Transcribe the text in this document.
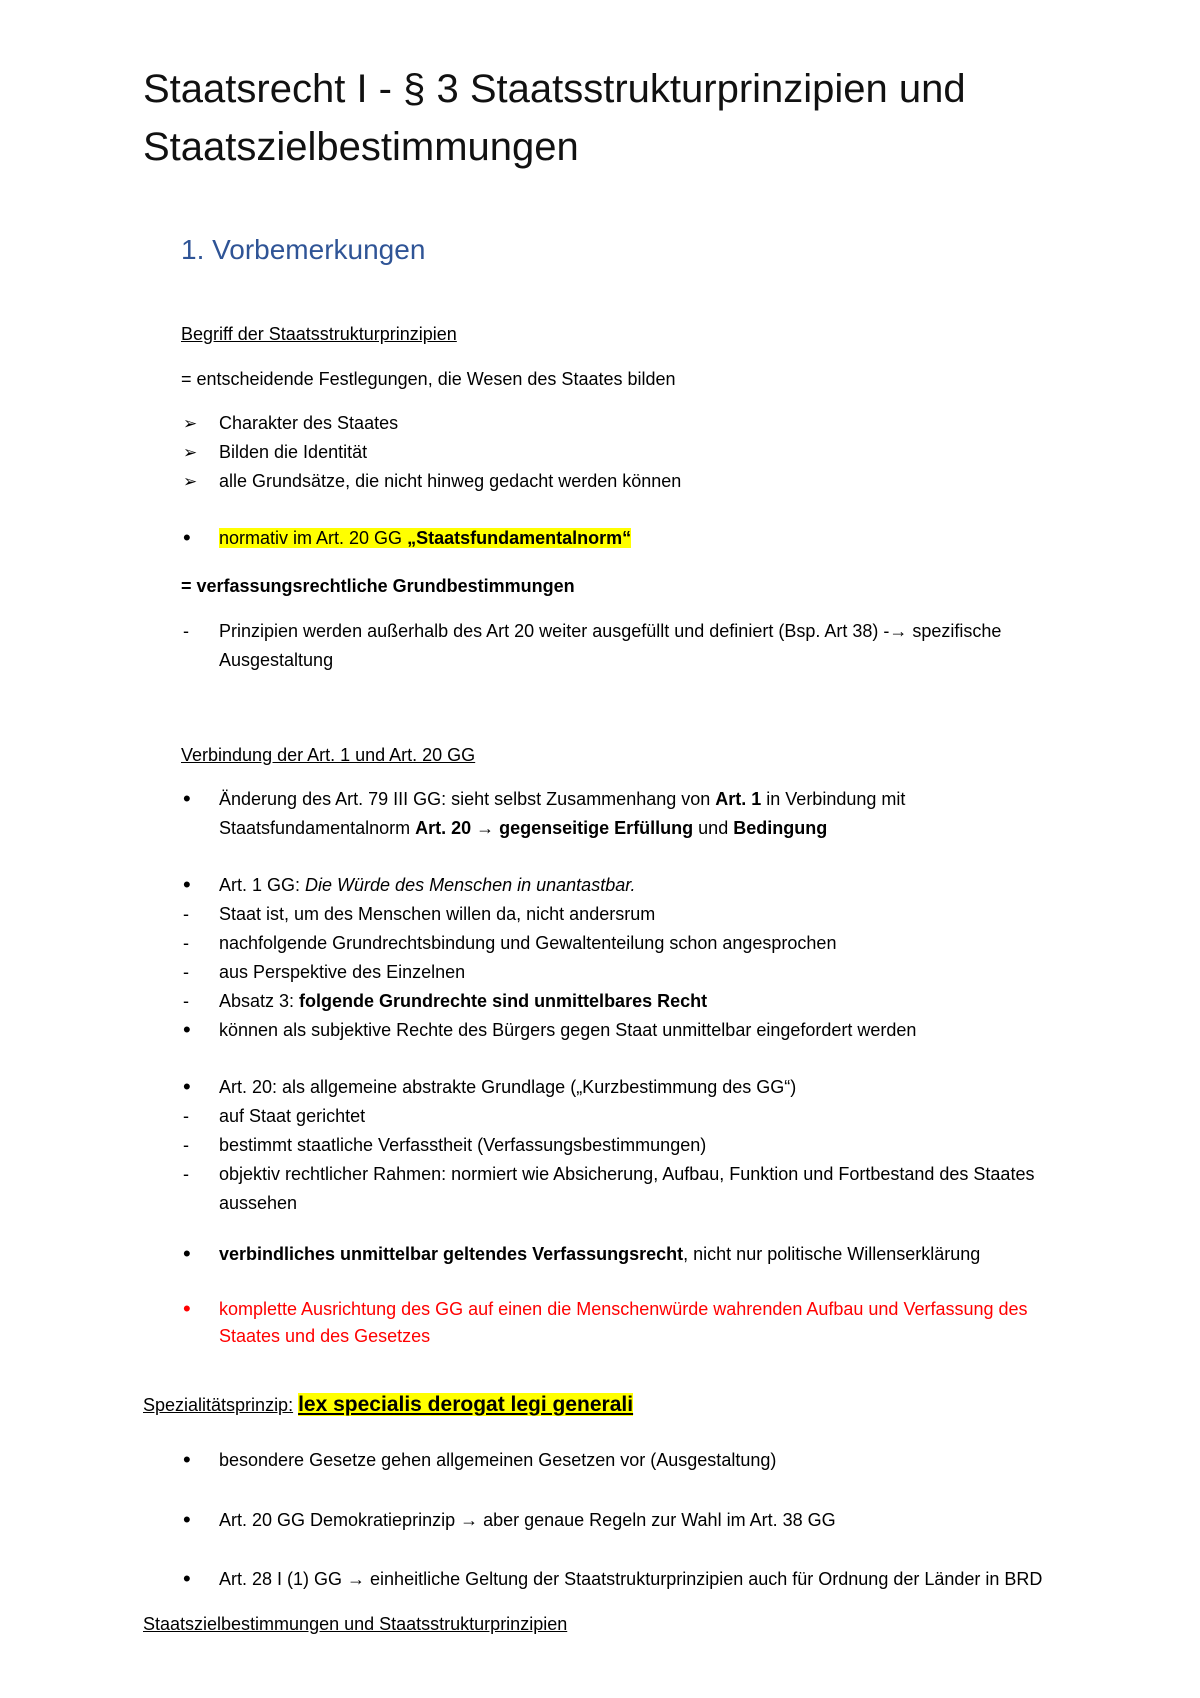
Staatsrecht I - § 3 Staatsstrukturprinzipien und Staatszielbestimmungen
1. Vorbemerkungen
Begriff der Staatsstrukturprinzipien
= entscheidende Festlegungen, die Wesen des Staates bilden
➢
Charakter des Staates
➢
Bilden die Identität
➢
alle Grundsätze, die nicht hinweg gedacht werden können
•
normativ im Art. 20 GG „Staatsfundamentalnorm“
= verfassungsrechtliche Grundbestimmungen
-
Prinzipien werden außerhalb des Art 20 weiter ausgefüllt und definiert (Bsp. Art 38) -→ spezifische
Ausgestaltung
Verbindung der Art. 1 und Art. 20 GG
•
Änderung des Art. 79 III GG: sieht selbst Zusammenhang von Art. 1 in Verbindung mit
Staatsfundamentalnorm Art. 20 → gegenseitige Erfüllung und Bedingung
•
Art. 1 GG: Die Würde des Menschen in unantastbar.
-
Staat ist, um des Menschen willen da, nicht andersrum
-
nachfolgende Grundrechtsbindung und Gewaltenteilung schon angesprochen
-
aus Perspektive des Einzelnen
-
Absatz 3: folgende Grundrechte sind unmittelbares Recht
•
können als subjektive Rechte des Bürgers gegen Staat unmittelbar eingefordert werden
•
Art. 20: als allgemeine abstrakte Grundlage („Kurzbestimmung des GG“)
-
auf Staat gerichtet
-
bestimmt staatliche Verfasstheit (Verfassungsbestimmungen)
-
objektiv rechtlicher Rahmen: normiert wie Absicherung, Aufbau, Funktion und Fortbestand des Staates
aussehen
•
verbindliches unmittelbar geltendes Verfassungsrecht, nicht nur politische Willenserklärung
•
komplette Ausrichtung des GG auf einen die Menschenwürde wahrenden Aufbau und Verfassung des
Staates und des Gesetzes
Spezialitätsprinzip: lex specialis derogat legi generali
•
besondere Gesetze gehen allgemeinen Gesetzen vor (Ausgestaltung)
•
Art. 20 GG Demokratieprinzip → aber genaue Regeln zur Wahl im Art. 38 GG
•
Art. 28 I (1) GG → einheitliche Geltung der Staatstrukturprinzipien auch für Ordnung der Länder in BRD
Staatszielbestimmungen und Staatsstrukturprinzipien
